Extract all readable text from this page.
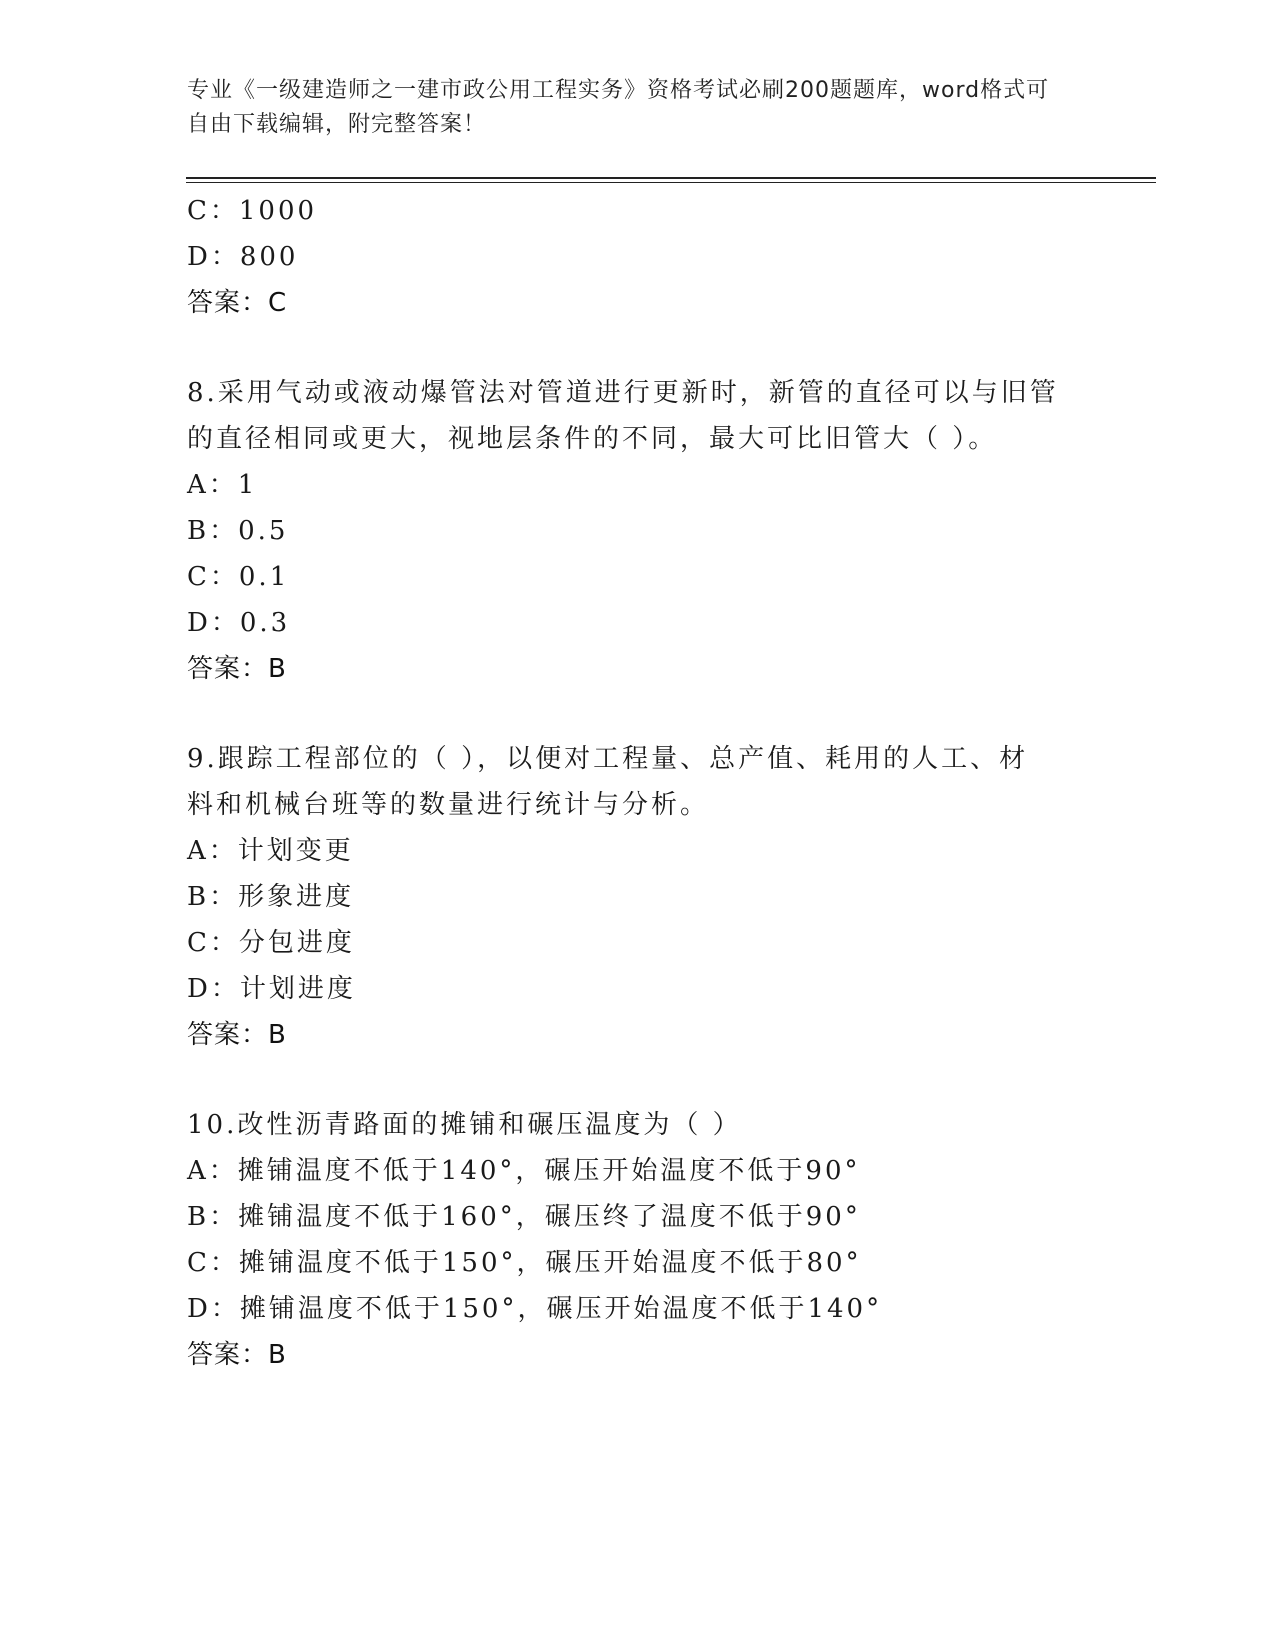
专业《一级建造师之一建市政公用工程实务》资格考试必刷200题题库，word格式可自由下载编辑，附完整答案！
C：1000
D：800
答案：C
8.采用气动或液动爆管法对管道进行更新时，新管的直径可以与旧管
的直径相同或更大，视地层条件的不同，最大可比旧管大（ ）。
A：1
B：0.5
C：0.1
D：0.3
答案：B
9.跟踪工程部位的（ ），以便对工程量、总产值、耗用的人工、材
料和机械台班等的数量进行统计与分析。
A：计划变更
B：形象进度
C：分包进度
D：计划进度
答案：B
10.改性沥青路面的摊铺和碾压温度为（ ）
A：摊铺温度不低于140°，碾压开始温度不低于90°
B：摊铺温度不低于160°，碾压终了温度不低于90°
C：摊铺温度不低于150°，碾压开始温度不低于80°
D：摊铺温度不低于150°，碾压开始温度不低于140°
答案：B
